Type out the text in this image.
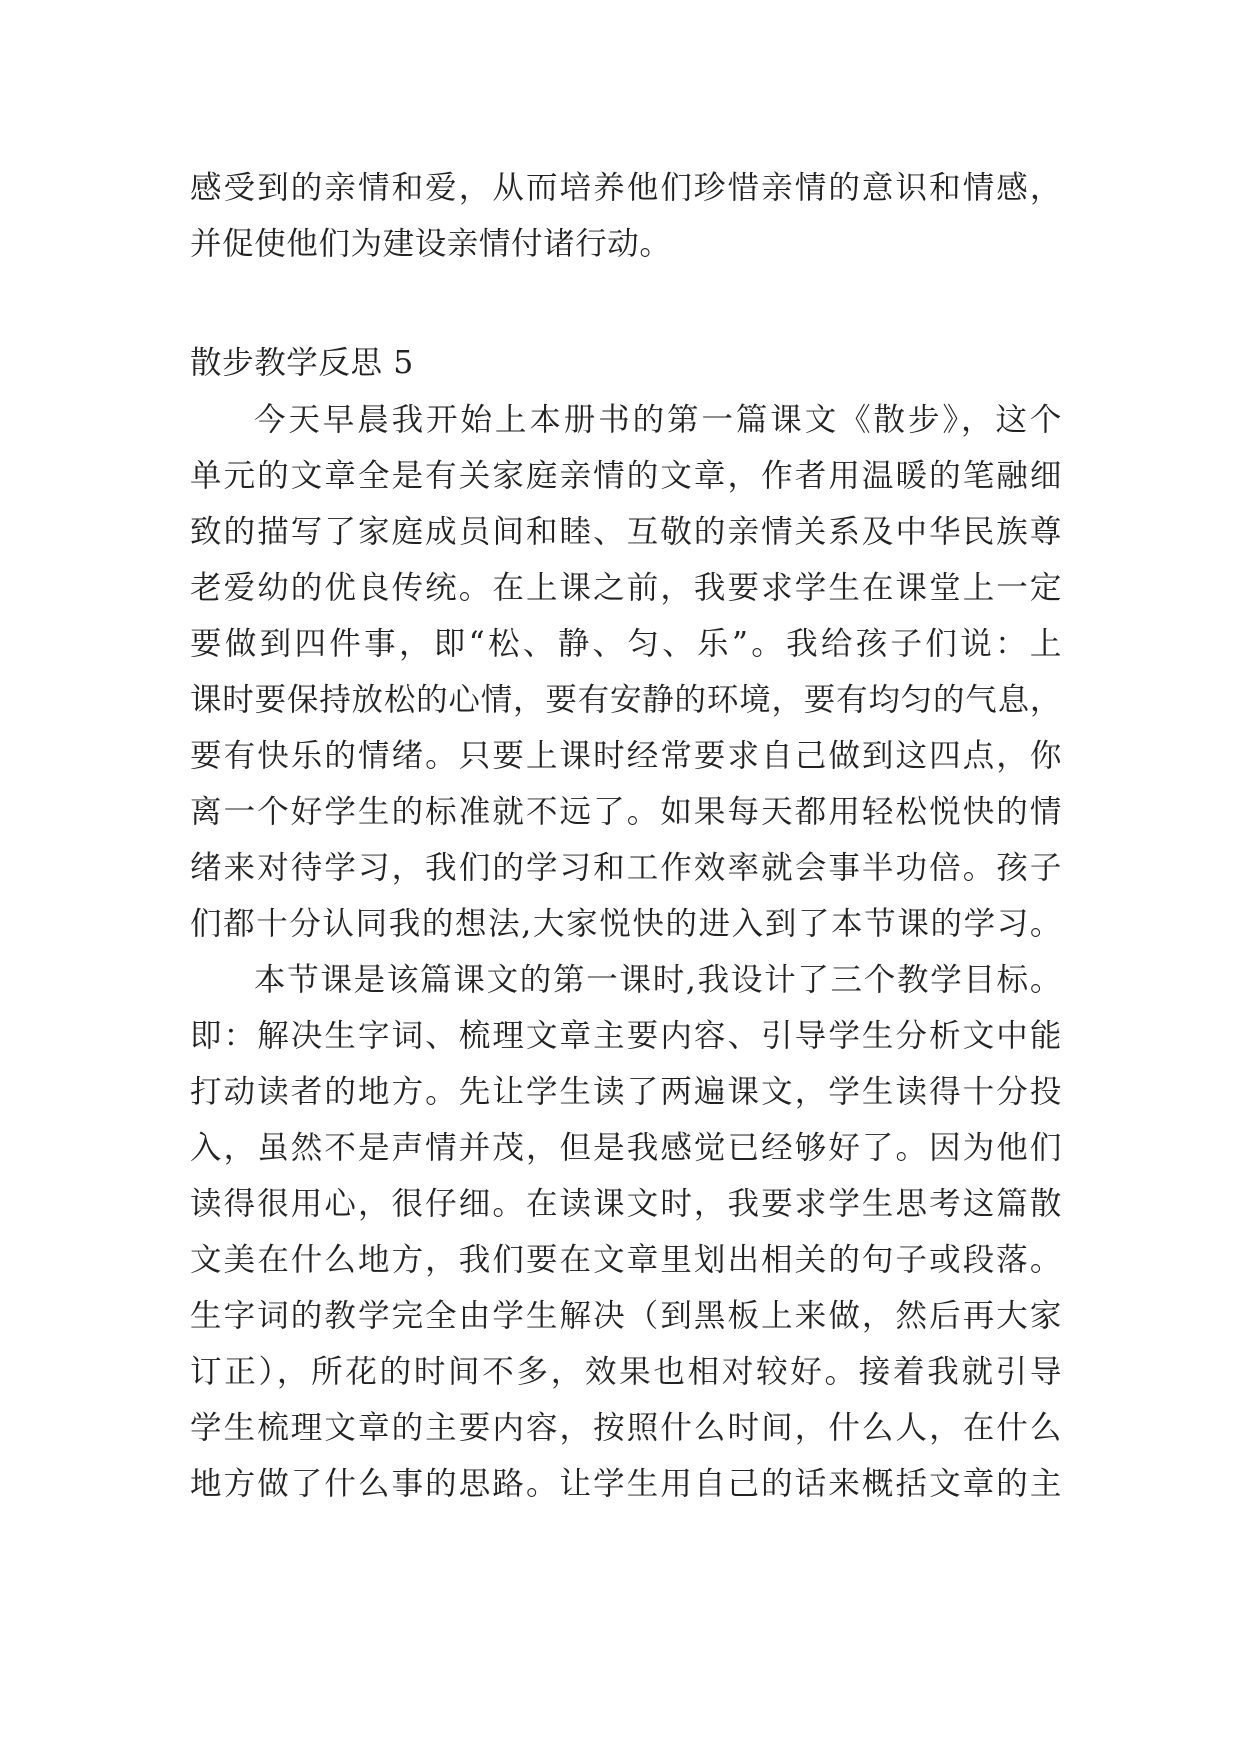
感受到的亲情和爱，从而培养他们珍惜亲情的意识和情感，
并促使他们为建设亲情付诸行动。
散步教学反思 5
今天早晨我开始上本册书的第一篇课文《散步》，这个
单元的文章全是有关家庭亲情的文章，作者用温暖的笔融细
致的描写了家庭成员间和睦、互敬的亲情关系及中华民族尊
老爱幼的优良传统。在上课之前，我要求学生在课堂上一定
要做到四件事，即“松、静、匀、乐”。我给孩子们说：上
课时要保持放松的心情，要有安静的环境，要有均匀的气息，
要有快乐的情绪。只要上课时经常要求自己做到这四点，你
离一个好学生的标准就不远了。如果每天都用轻松悦快的情
绪来对待学习，我们的学习和工作效率就会事半功倍。孩子
们都十分认同我的想法,大家悦快的进入到了本节课的学习。
本节课是该篇课文的第一课时,我设计了三个教学目标。
即：解决生字词、梳理文章主要内容、引导学生分析文中能
打动读者的地方。先让学生读了两遍课文，学生读得十分投
入，虽然不是声情并茂，但是我感觉已经够好了。因为他们
读得很用心，很仔细。在读课文时，我要求学生思考这篇散
文美在什么地方，我们要在文章里划出相关的句子或段落。
生字词的教学完全由学生解决（到黑板上来做，然后再大家
订正），所花的时间不多，效果也相对较好。接着我就引导
学生梳理文章的主要内容，按照什么时间，什么人，在什么
地方做了什么事的思路。让学生用自己的话来概括文章的主
